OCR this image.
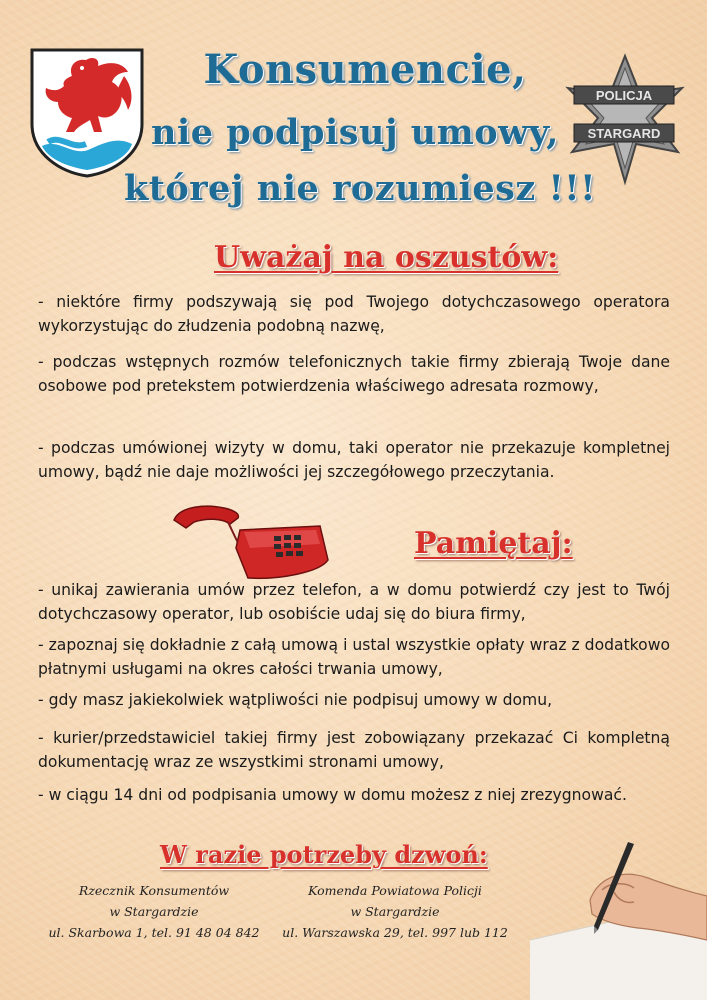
POLICJA
STARGARD
Konsumencie,
nie podpisuj umowy,
której nie rozumiesz !!!
Uważaj na oszustów:
- niektóre firmy podszywają się pod Twojego dotychczasowego operatora wykorzystując do złudzenia podobną nazwę,
- podczas wstępnych rozmów telefonicznych takie firmy zbierają Twoje dane osobowe pod pretekstem potwierdzenia właściwego adresata rozmowy,
- podczas umówionej wizyty w domu, taki operator nie przekazuje kompletnej umowy, bądź nie daje możliwości jej szczegółowego przeczytania.
Pamiętaj:
- unikaj zawierania umów przez telefon, a w domu potwierdź czy jest to Twój dotychczasowy operator, lub osobiście udaj się do biura firmy,
- zapoznaj się dokładnie z całą umową i ustal wszystkie opłaty wraz z dodatkowo płatnymi usługami na okres całości trwania umowy,
- gdy masz jakiekolwiek wątpliwości nie podpisuj umowy w domu,
- kurier/przedstawiciel takiej firmy jest zobowiązany przekazać Ci kompletną dokumentację wraz ze wszystkimi stronami umowy,
- w ciągu 14 dni od podpisania umowy w domu możesz z niej zrezygnować.
W razie potrzeby dzwoń:
Rzecznik Konsumentów
w Stargardzie
ul. Skarbowa 1, tel. 91 48 04 842
Komenda Powiatowa Policji
w Stargardzie
ul. Warszawska 29, tel. 997 lub 112
